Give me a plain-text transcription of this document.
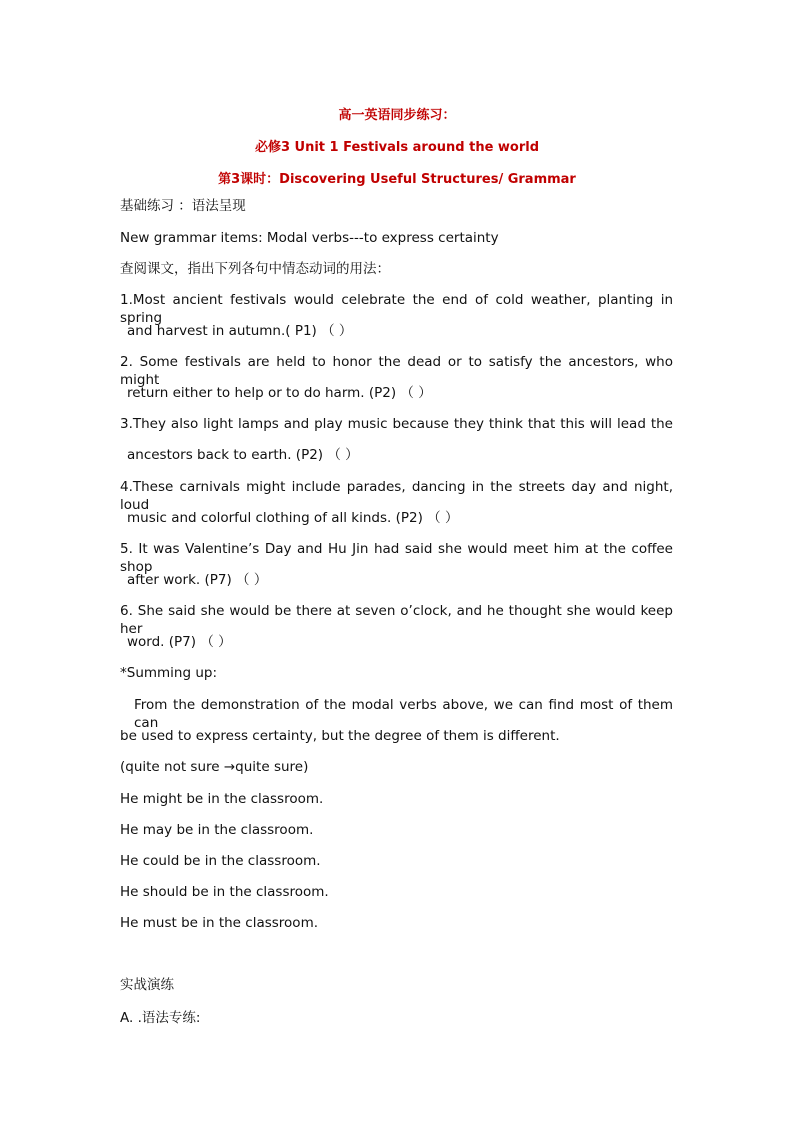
高一英语同步练习：
必修3 Unit 1 Festivals around the world
第3课时：Discovering Useful Structures/ Grammar
基础练习 ：语法呈现
New grammar items: Modal verbs---to express certainty
查阅课文，指出下列各句中情态动词的用法：
1.Most ancient festivals would celebrate the end of cold weather, planting in spring
and harvest in autumn.( P1) （ ）
2. Some festivals are held to honor the dead or to satisfy the ancestors, who might
return either to help or to do harm. (P2) （ ）
3.They also light lamps and play music because they think that this will lead the
ancestors back to earth. (P2) （ ）
4.These carnivals might include parades, dancing in the streets day and night, loud
music and colorful clothing of all kinds. (P2) （ ）
5. It was Valentine’s Day and Hu Jin had said she would meet him at the coffee shop
after work. (P7) （ ）
6. She said she would be there at seven o’clock, and he thought she would keep her
word. (P7) （ ）
*Summing up:
From the demonstration of the modal verbs above, we can find most of them can
be used to express certainty, but the degree of them is different.
(quite not sure →quite sure)
He might be in the classroom.
He may be in the classroom.
He could be in the classroom.
He should be in the classroom.
He must be in the classroom.
实战演练
A. .语法专练:
